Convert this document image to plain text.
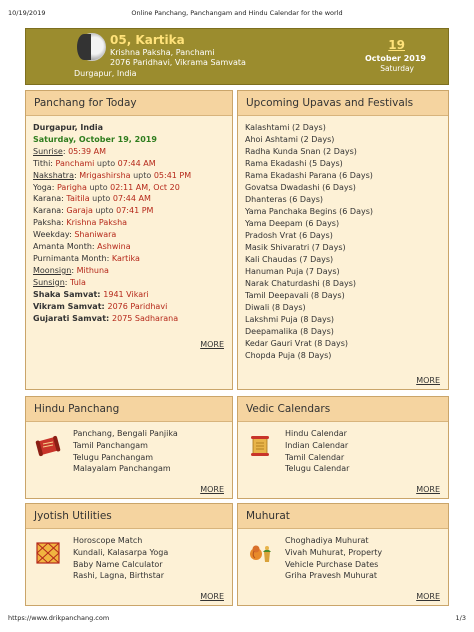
10/19/2019	Online Panchang, Panchangam and Hindu Calendar for the world
05, Kartika
Krishna Paksha, Panchami
2076 Paridhavi, Vikrama Samvata
Durgapur, India
19
October 2019
Saturday
Panchang for Today
Durgapur, India
Saturday, October 19, 2019
Sunrise: 05:39 AM
Tithi: Panchami upto 07:44 AM
Nakshatra: Mrigashirsha upto 05:41 PM
Yoga: Parigha upto 02:11 AM, Oct 20
Karana: Taitila upto 07:44 AM
Karana: Garaja upto 07:41 PM
Paksha: Krishna Paksha
Weekday: Shaniwara
Amanta Month: Ashwina
Purnimanta Month: Kartika
Moonsign: Mithuna
Sunsign: Tula
Shaka Samvat: 1941 Vikari
Vikram Samvat: 2076 Paridhavi
Gujarati Samvat: 2075 Sadharana
MORE
Upcoming Upavas and Festivals
Kalashtami (2 Days)
Ahoi Ashtami (2 Days)
Radha Kunda Snan (2 Days)
Rama Ekadashi (5 Days)
Rama Ekadashi Parana (6 Days)
Govatsa Dwadashi (6 Days)
Dhanteras (6 Days)
Yama Panchaka Begins (6 Days)
Yama Deepam (6 Days)
Pradosh Vrat (6 Days)
Masik Shivaratri (7 Days)
Kali Chaudas (7 Days)
Hanuman Puja (7 Days)
Narak Chaturdashi (8 Days)
Tamil Deepavali (8 Days)
Diwali (8 Days)
Lakshmi Puja (8 Days)
Deepamalika (8 Days)
Kedar Gauri Vrat (8 Days)
Chopda Puja (8 Days)
MORE
Hindu Panchang
Panchang, Bengali Panjika
Tamil Panchangam
Telugu Panchangam
Malayalam Panchangam
MORE
Vedic Calendars
Hindu Calendar
Indian Calendar
Tamil Calendar
Telugu Calendar
MORE
Jyotish Utilities
Horoscope Match
Kundali, Kalasarpa Yoga
Baby Name Calculator
Rashi, Lagna, Birthstar
MORE
Muhurat
Choghadiya Muhurat
Vivah Muhurat, Property
Vehicle Purchase Dates
Griha Pravesh Muhurat
MORE
https://www.drikpanchang.com	1/3
